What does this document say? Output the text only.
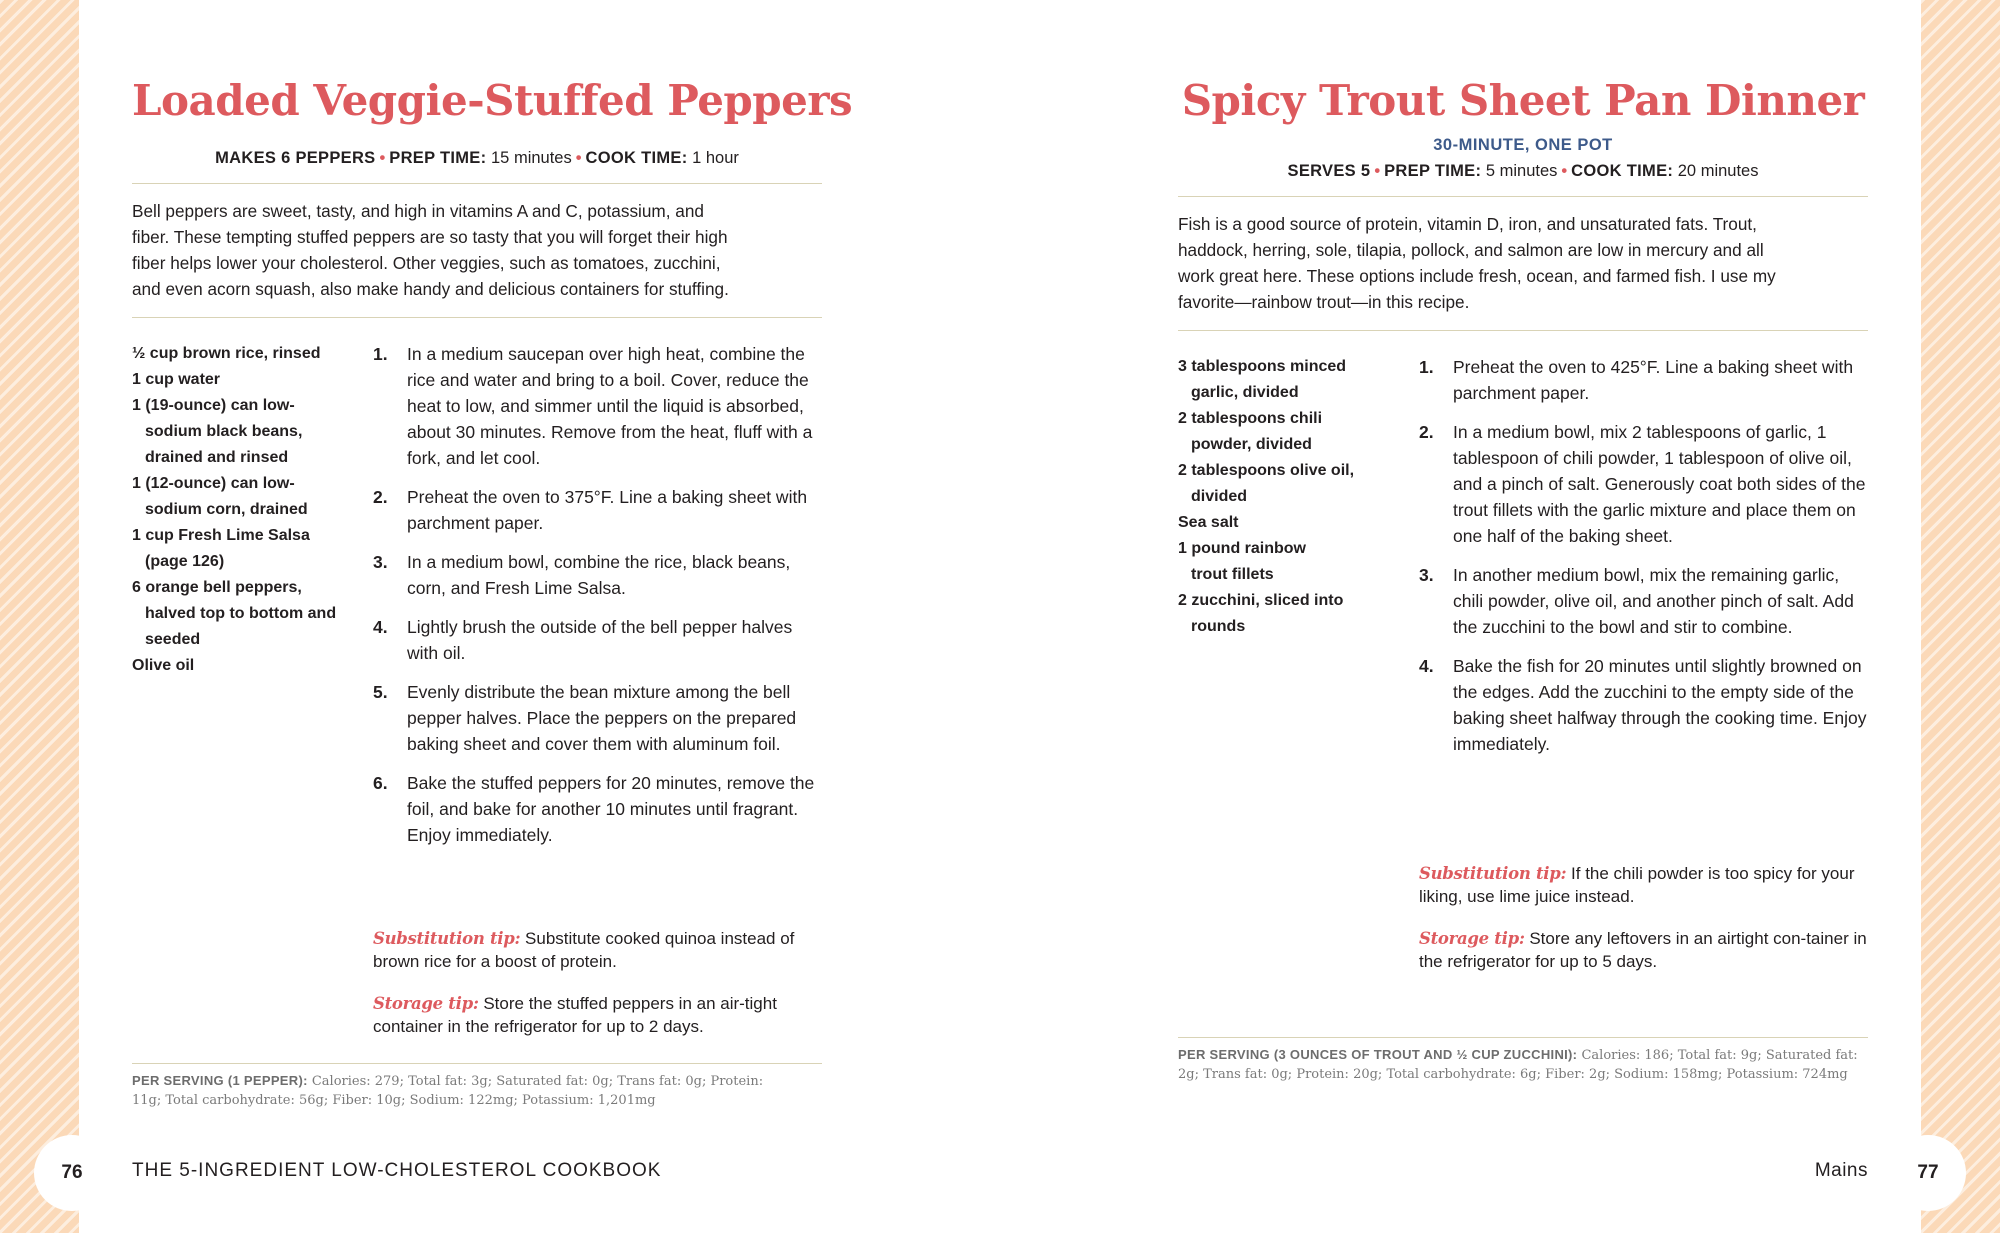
76	77
THE 5-INGREDIENT LOW-CHOLESTEROL COOKBOOK	Mains
Loaded Veggie-Stuffed Peppers

MAKES 6 PEPPERS • PREP TIME: 15 minutes • COOK TIME: 1 hour

Bell peppers are sweet, tasty, and high in vitamins A and C, potassium, and
fiber. These tempting stuffed peppers are so tasty that you will forget their high
fiber helps lower your cholesterol. Other veggies, such as tomatoes, zucchini,
and even acorn squash, also make handy and delicious containers for stuffing.

½ cup brown rice, rinsed

1 cup water

1 (19-ounce) can low-sodium black beans, drained and rinsed

1 (12-ounce) can low-sodium corn, drained

1 cup Fresh Lime Salsa (page 126)

6 orange bell peppers, halved top to bottom and seeded

Olive oil

1.	In a medium saucepan over high heat, combine the rice and water and bring to a boil. Cover, reduce the heat to low, and simmer until the liquid is absorbed, about 30 minutes. Remove from the heat, fluff with a fork, and let cool.

2.	Preheat the oven to 375°F. Line a baking sheet with parchment paper.

3.	In a medium bowl, combine the rice, black beans, corn, and Fresh Lime Salsa.

4.	Lightly brush the outside of the bell pepper halves with oil.

5.	Evenly distribute the bean mixture among the bell pepper halves. Place the peppers on the prepared baking sheet and cover them with aluminum foil.

6.	Bake the stuffed peppers for 20 minutes, remove the foil, and bake for another 10 minutes until fragrant. Enjoy immediately.

Substitution tip: Substitute cooked quinoa instead of brown rice for a boost of protein.

Storage tip: Store the stuffed peppers in an air-tight container in the refrigerator for up to 2 days.

PER SERVING (1 PEPPER): Calories: 279; Total fat: 3g; Saturated fat: 0g; Trans fat: 0g; Protein: 11g; Total carbohydrate: 56g; Fiber: 10g; Sodium: 122mg; Potassium: 1,201mg

Spicy Trout Sheet Pan Dinner

30-MINUTE, ONE POT

SERVES 5 • PREP TIME: 5 minutes • COOK TIME: 20 minutes

Fish is a good source of protein, vitamin D, iron, and unsaturated fats. Trout,
haddock, herring, sole, tilapia, pollock, and salmon are low in mercury and all
work great here. These options include fresh, ocean, and farmed fish. I use my
favorite—rainbow trout—in this recipe.

3 tablespoons minced garlic, divided

2 tablespoons chili powder, divided

2 tablespoons olive oil, divided

Sea salt

1 pound rainbow trout fillets

2 zucchini, sliced into rounds

1.	Preheat the oven to 425°F. Line a baking sheet with parchment paper.

2.	In a medium bowl, mix 2 tablespoons of garlic, 1 tablespoon of chili powder, 1 tablespoon of olive oil, and a pinch of salt. Generously coat both sides of the trout fillets with the garlic mixture and place them on one half of the baking sheet.

3.	In another medium bowl, mix the remaining garlic, chili powder, olive oil, and another pinch of salt. Add the zucchini to the bowl and stir to combine.

4.	Bake the fish for 20 minutes until slightly browned on the edges. Add the zucchini to the empty side of the baking sheet halfway through the cooking time. Enjoy immediately.

Substitution tip: If the chili powder is too spicy for your liking, use lime juice instead.

Storage tip: Store any leftovers in an airtight con-tainer in the refrigerator for up to 5 days.

PER SERVING (3 OUNCES OF TROUT AND ½ CUP ZUCCHINI): Calories: 186; Total fat: 9g; Saturated fat: 2g; Trans fat: 0g; Protein: 20g; Total carbohydrate: 6g; Fiber: 2g; Sodium: 158mg; Potassium: 724mg
